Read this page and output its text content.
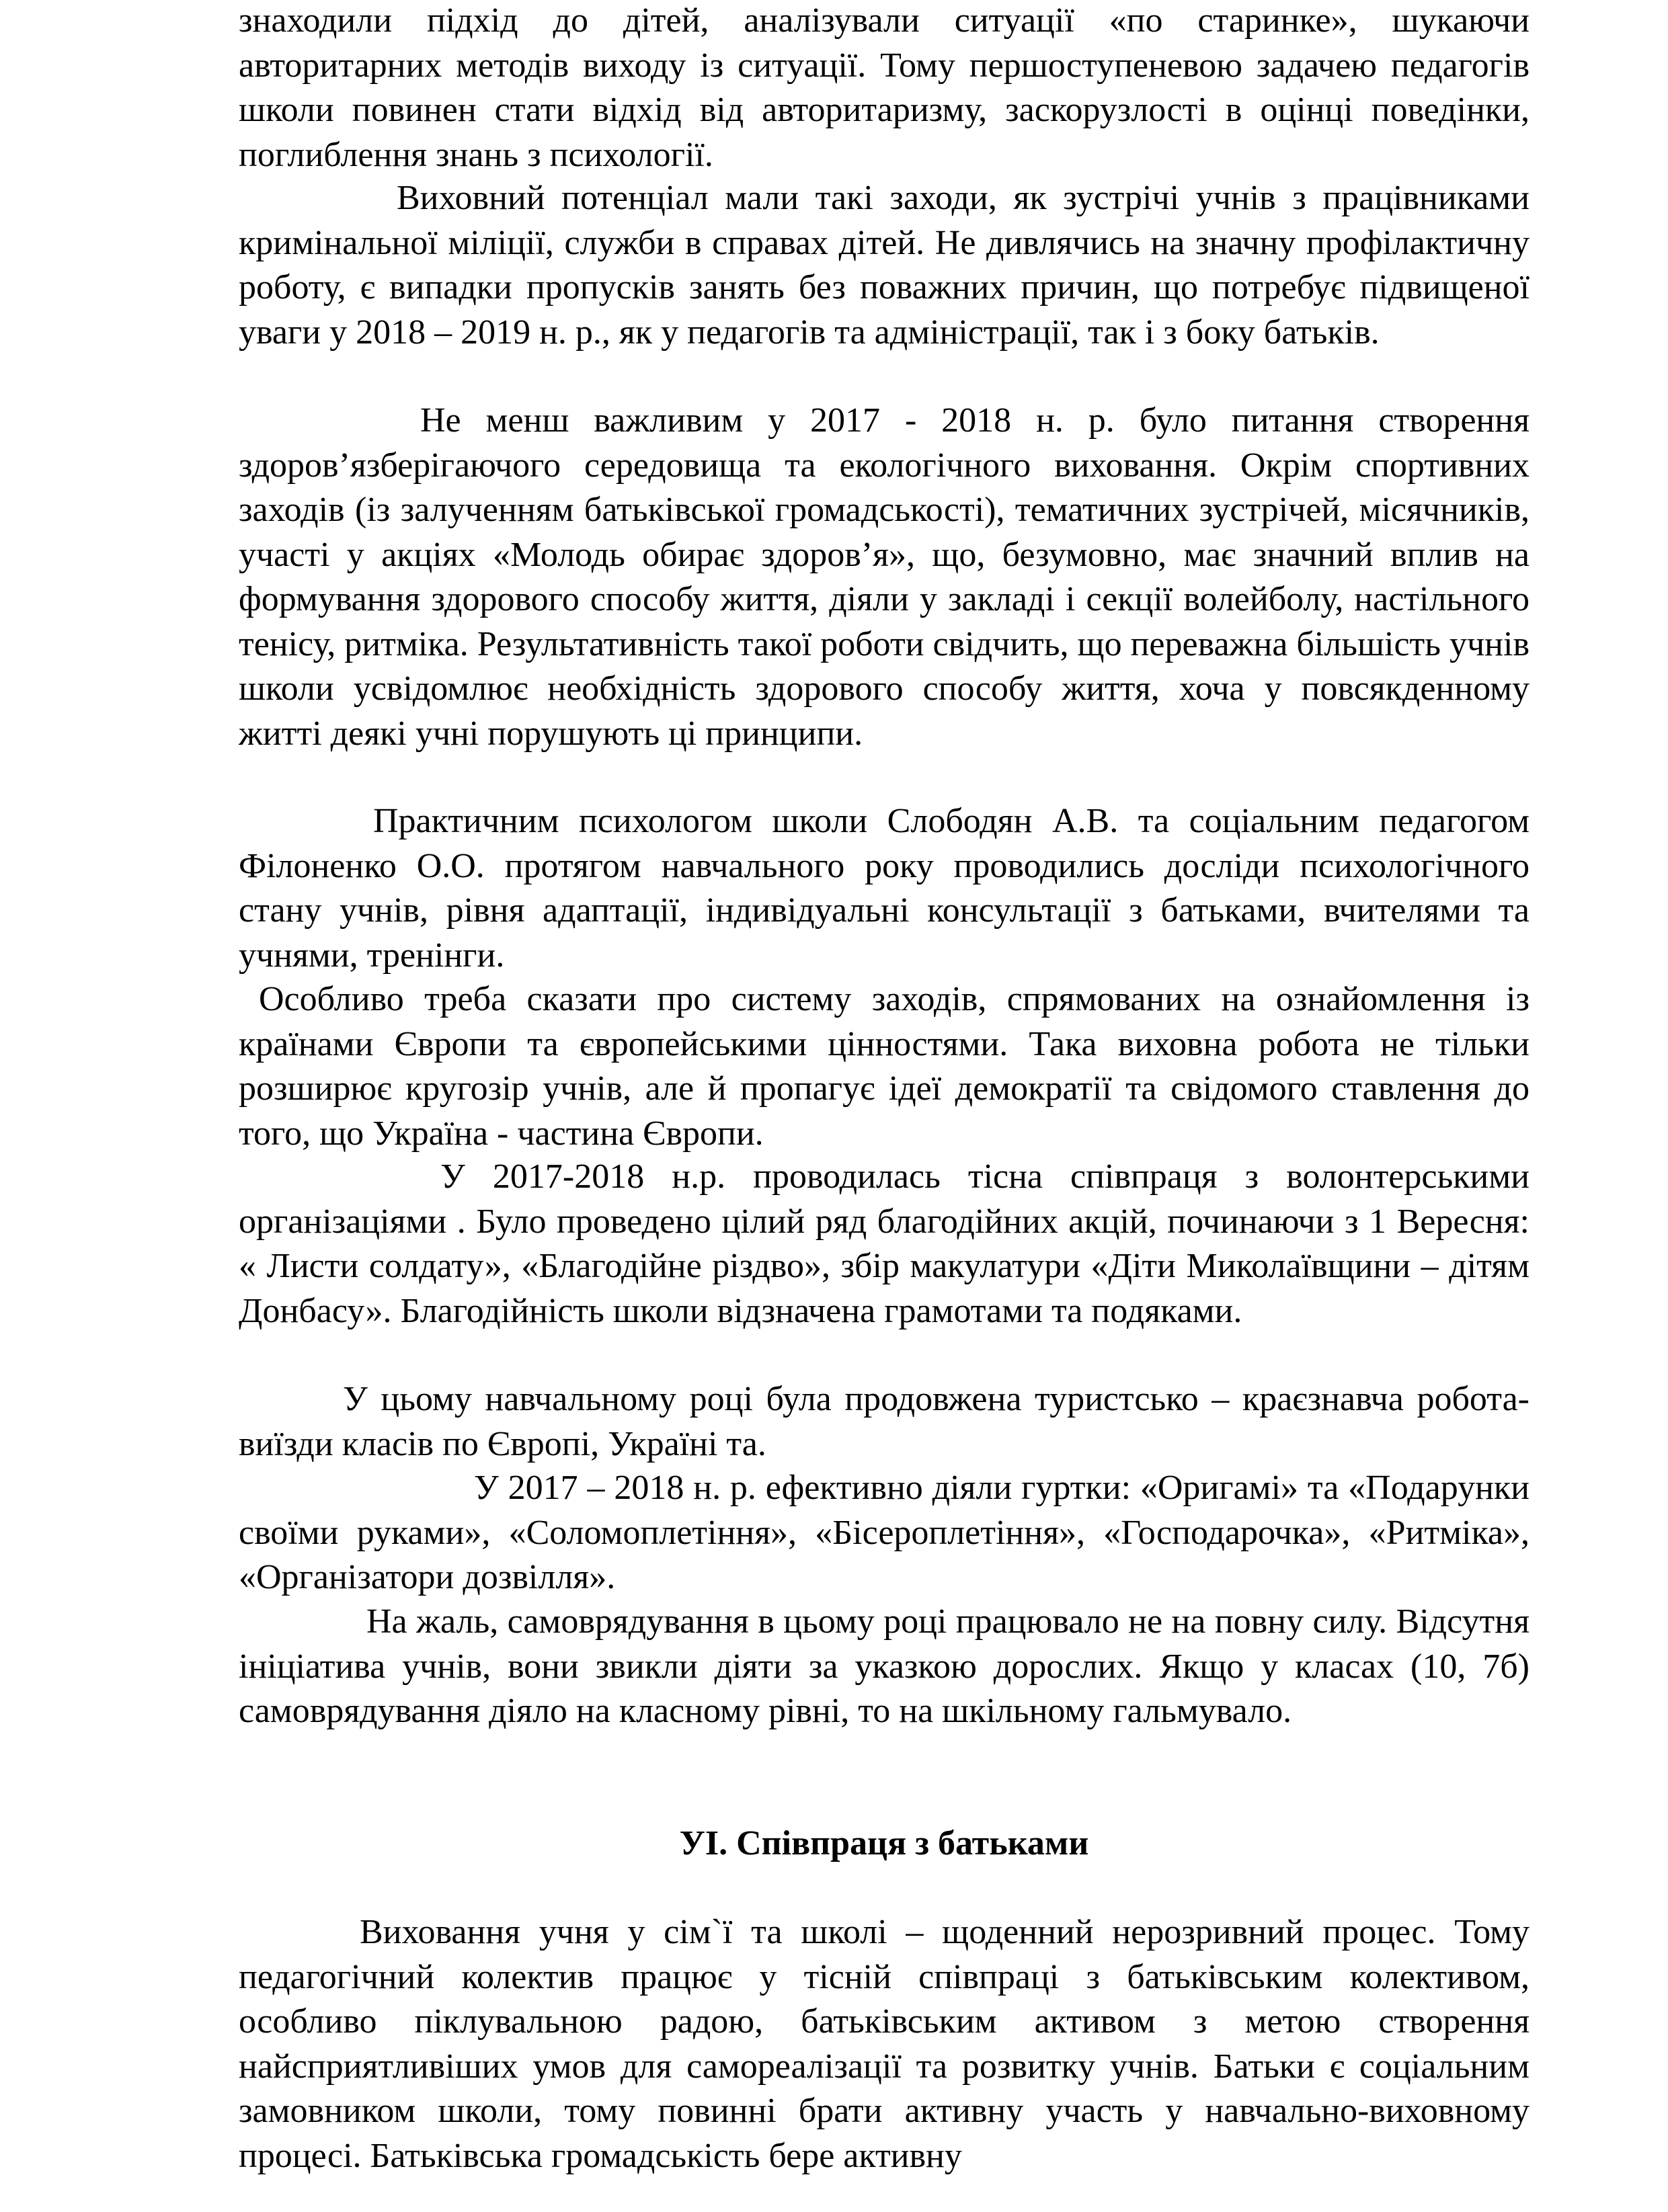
знаходили підхід до дітей, аналізували ситуації «по старинке», шукаючи авторитарних методів виходу із ситуації. Тому першоступеневою задачею педагогів школи повинен стати відхід від авторитаризму, заскорузлості в оцінці поведінки, поглиблення знань з психології.

Виховний потенціал мали такі заходи, як зустрічі учнів з працівниками кримінальної міліції, служби в справах дітей. Не дивлячись на значну профілактичну роботу, є випадки пропусків занять без поважних причин, що потребує підвищеної уваги у 2018 – 2019 н. р., як у педагогів та адміністрації, так і з боку батьків.

Не менш важливим у 2017 - 2018 н. р. було питання створення здоров’язберігаючого середовища та екологічного виховання. Окрім спортивних заходів (із залученням батьківської громадськості), тематичних зустрічей, місячників, участі у акціях «Молодь обирає здоров’я», що, безумовно, має значний вплив на формування здорового способу життя, діяли у закладі і секції волейболу, настільного тенісу, ритміка. Результативність такої роботи свідчить, що переважна більшість учнів школи усвідомлює необхідність здорового способу життя, хоча у повсякденному житті деякі учні порушують ці принципи.

Практичним психологом школи Слободян А.В. та соціальним педагогом Філоненко О.О. протягом навчального року проводились досліди психологічного стану учнів, рівня адаптації, індивідуальні консультації з батьками, вчителями та учнями, тренінги.

Особливо треба сказати про систему заходів, спрямованих на ознайомлення із країнами Європи та європейськими цінностями. Така виховна робота не тільки розширює кругозір учнів, але й пропагує ідеї демократії та свідомого ставлення до того, що Україна - частина Європи.

У 2017-2018 н.р. проводилась тісна співпраця з волонтерськими організаціями . Було проведено цілий ряд благодійних акцій, починаючи з 1 Вересня: « Листи солдату», «Благодійне різдво», збір макулатури «Діти Миколаївщини – дітям Донбасу». Благодійність школи відзначена грамотами та подяками.

У цьому навчальному році була продовжена туристсько – краєзнавча робота- виїзди класів по Європі, Україні та.

У 2017 – 2018 н. р. ефективно діяли гуртки: «Оригамі» та «Подарунки своїми руками», «Соломоплетіння», «Бісероплетіння», «Господарочка», «Ритміка», «Організатори дозвілля».

На жаль, самоврядування в цьому році працювало не на повну силу. Відсутня ініціатива учнів, вони звикли діяти за указкою дорослих. Якщо у класах (10, 7б) самоврядування діяло на класному рівні, то на шкільному гальмувало.

УІ. Співпраця з батьками

Виховання учня у сім`ї та школі – щоденний нерозривний процес. Тому педагогічний колектив працює у тісній співпраці з батьківським колективом, особливо піклувальною радою, батьківським активом з метою створення найсприятливіших умов для самореалізації та розвитку учнів. Батьки є соціальним замовником школи, тому повинні брати активну участь у навчально-виховному процесі. Батьківська громадськість бере активну
